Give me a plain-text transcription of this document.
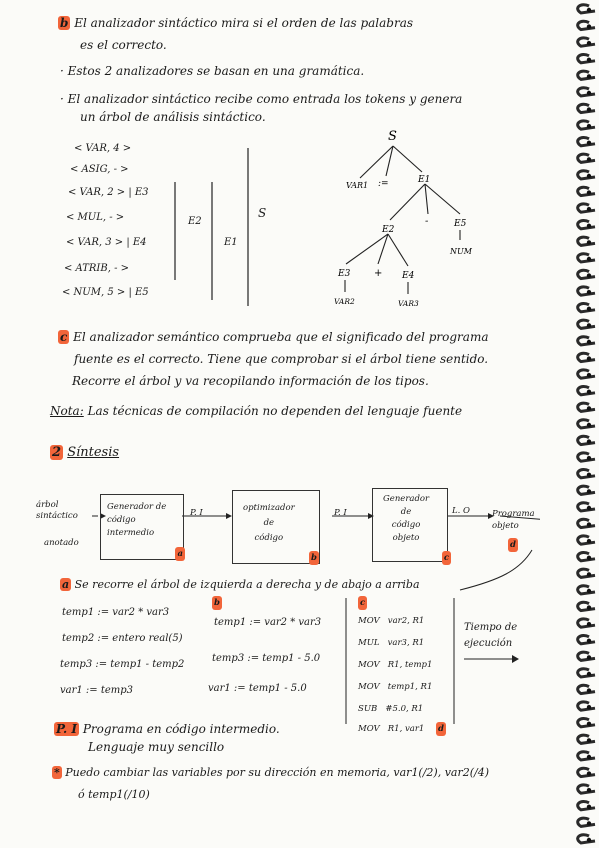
b El analizador sintáctico mira si el orden de las palabras
es el correcto.
· Estos 2 analizadores se basan en una gramática.
· El analizador sintáctico recibe como entrada los tokens y genera
un árbol de análisis sintáctico.
< VAR, 4 >
< ASIG, - >
< VAR, 2 > | E3
< MUL, - >
< VAR, 3 > | E4
< ATRIB, - >
< NUM, 5 > | E5
E2
E1
S
S
VAR1 :=	E1
E2
-	E5
NUM
E3 + E4
VAR2	VAR3
c El analizador semántico comprueba que el significado del programa
fuente es el correcto. Tiene que comprobar si el árbol tiene sentido.
Recorre el árbol y va recopilando información de los tipos.
Nota: Las técnicas de compilación no dependen del lenguaje fuente
2 Síntesis
árbol
sintáctico
anotado
Generador de
código
intermedio
a
P. I	optimizador
de
código
b
P. I
Generador
de
código
objeto
c
L. O	Programa
objeto
d
a Se recorre el árbol de izquierda a derecha y de abajo a arriba
temp1 := var2 * var3
temp2 := entero real(5)
temp3 := temp1 - temp2
var1 := temp3
b
temp1 := var2 * var3
temp3 := temp1 - 5.0
var1 := temp1 - 5.0
c
MOV var2, R1
MUL var3, R1
MOV R1, temp1
MOV temp1, R1
SUB #5.0, R1
MOV R1, var1 d
Tiempo de
ejecución
P. I Programa en código intermedio.
Lenguaje muy sencillo
* Puedo cambiar las variables por su dirección en memoria, var1(/2), var2(/4)
ó temp1(/10)
